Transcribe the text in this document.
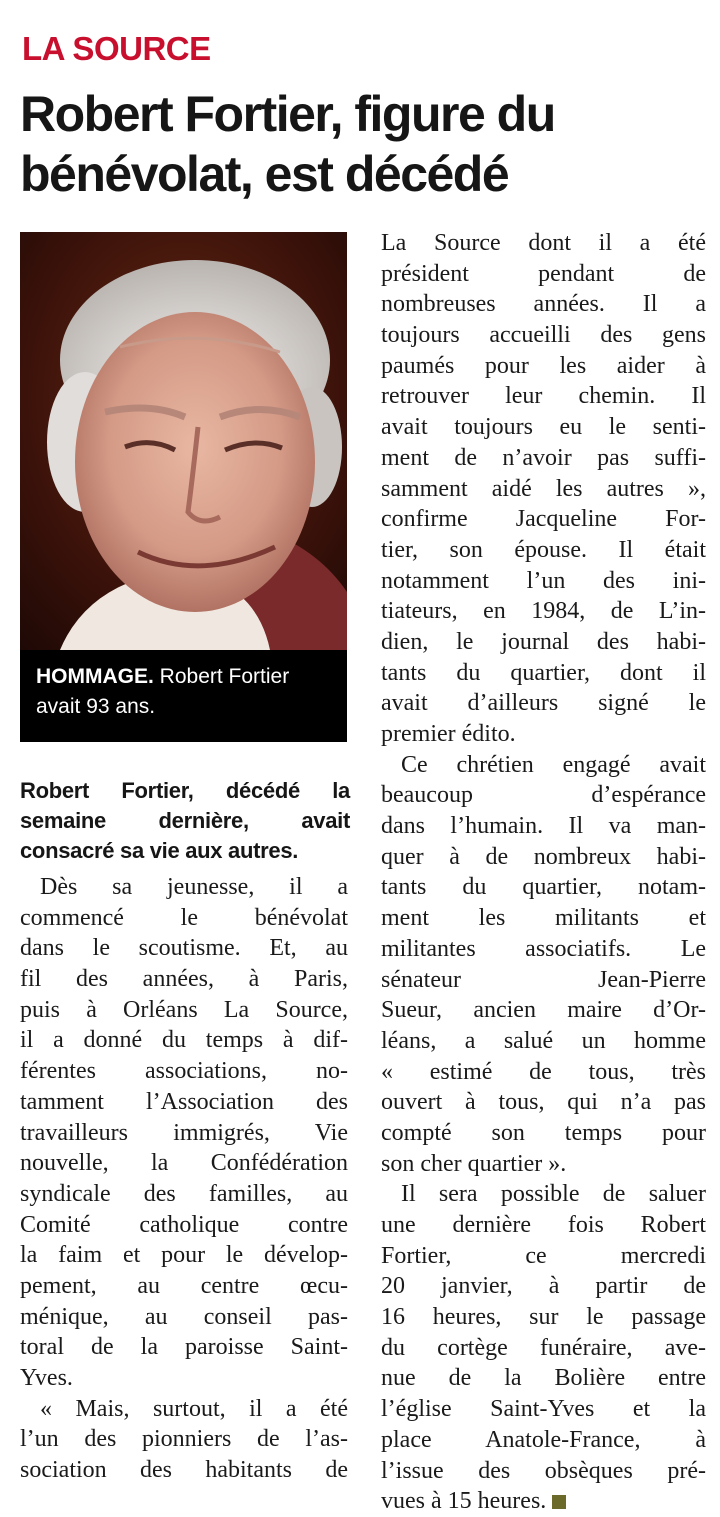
LA SOURCE
Robert Fortier, figure du
bénévolat, est décédé
HOMMAGE. Robert Fortier
avait 93 ans.
Robert Fortier, décédé la
semaine dernière, avait
consacré sa vie aux autres.
Dès sa jeunesse, il a
commencé le bénévolat
dans le scoutisme. Et, au
fil des années, à Paris,
puis à Orléans La Source,
il a donné du temps à dif-
férentes associations, no-
tamment l’Association des
travailleurs immigrés, Vie
nouvelle, la Confédération
syndicale des familles, au
Comité catholique contre
la faim et pour le dévelop-
pement, au centre œcu-
ménique, au conseil pas-
toral de la paroisse Saint-
Yves.
« Mais, surtout, il a été
l’un des pionniers de l’as-
sociation des habitants de
La Source dont il a été
président pendant de
nombreuses années. Il a
toujours accueilli des gens
paumés pour les aider à
retrouver leur chemin. Il
avait toujours eu le senti-
ment de n’avoir pas suffi-
samment aidé les autres »,
confirme Jacqueline For-
tier, son épouse. Il était
notamment l’un des ini-
tiateurs, en 1984, de L’in-
dien, le journal des habi-
tants du quartier, dont il
avait d’ailleurs signé le
premier édito.
Ce chrétien engagé avait
beaucoup d’espérance
dans l’humain. Il va man-
quer à de nombreux habi-
tants du quartier, notam-
ment les militants et
militantes associatifs. Le
sénateur Jean-Pierre
Sueur, ancien maire d’Or-
léans, a salué un homme
« estimé de tous, très
ouvert à tous, qui n’a pas
compté son temps pour
son cher quartier ».
Il sera possible de saluer
une dernière fois Robert
Fortier, ce mercredi
20 janvier, à partir de
16 heures, sur le passage
du cortège funéraire, ave-
nue de la Bolière entre
l’église Saint-Yves et la
place Anatole-France, à
l’issue des obsèques pré-
vues à 15 heures.
